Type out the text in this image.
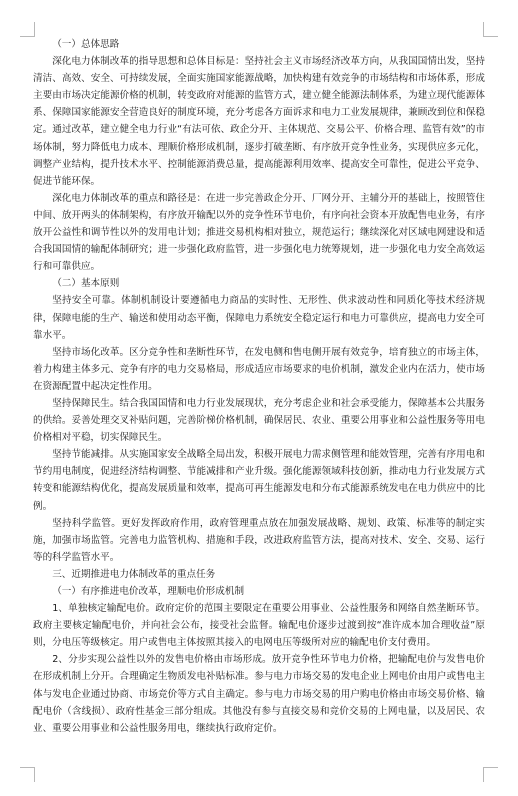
（一）总体思路

深化电力体制改革的指导思想和总体目标是：坚持社会主义市场经济改革方向，从我国国情出发，坚持清洁、高效、安全、可持续发展，全面实施国家能源战略，加快构建有效竞争的市场结构和市场体系，形成主要由市场决定能源价格的机制，转变政府对能源的监管方式，建立健全能源法制体系，为建立现代能源体系、保障国家能源安全营造良好的制度环境，充分考虑各方面诉求和电力工业发展规律，兼顾改到位和保稳定。通过改革，建立健全电力行业“有法可依、政企分开、主体规范、交易公平、价格合理、监管有效”的市场体制，努力降低电力成本、理顺价格形成机制，逐步打破垄断、有序放开竞争性业务，实现供应多元化，调整产业结构，提升技术水平、控制能源消费总量，提高能源利用效率、提高安全可靠性，促进公平竞争、促进节能环保。

深化电力体制改革的重点和路径是：在进一步完善政企分开、厂网分开、主辅分开的基础上，按照管住中间、放开两头的体制架构，有序放开输配以外的竞争性环节电价，有序向社会资本开放配售电业务，有序放开公益性和调节性以外的发用电计划；推进交易机构相对独立，规范运行；继续深化对区域电网建设和适合我国国情的输配体制研究；进一步强化政府监管，进一步强化电力统筹规划，进一步强化电力安全高效运行和可靠供应。

（二）基本原则

坚持安全可靠。体制机制设计要遵循电力商品的实时性、无形性、供求波动性和同质化等技术经济规律，保障电能的生产、输送和使用动态平衡，保障电力系统安全稳定运行和电力可靠供应，提高电力安全可靠水平。

坚持市场化改革。区分竞争性和垄断性环节，在发电侧和售电侧开展有效竞争，培育独立的市场主体，着力构建主体多元、竞争有序的电力交易格局，形成适应市场要求的电价机制，激发企业内在活力，使市场在资源配置中起决定性作用。

坚持保障民生。结合我国国情和电力行业发展现状，充分考虑企业和社会承受能力，保障基本公共服务的供给。妥善处理交叉补贴问题，完善阶梯价格机制，确保居民、农业、重要公用事业和公益性服务等用电价格相对平稳，切实保障民生。

坚持节能减排。从实施国家安全战略全局出发，积极开展电力需求侧管理和能效管理，完善有序用电和节约用电制度，促进经济结构调整、节能减排和产业升级。强化能源领域科技创新，推动电力行业发展方式转变和能源结构优化，提高发展质量和效率，提高可再生能源发电和分布式能源系统发电在电力供应中的比例。

坚持科学监管。更好发挥政府作用，政府管理重点放在加强发展战略、规划、政策、标准等的制定实施，加强市场监管。完善电力监管机构、措施和手段，改进政府监管方法，提高对技术、安全、交易、运行等的科学监管水平。

三、近期推进电力体制改革的重点任务

（一）有序推进电价改革，理顺电价形成机制

1、单独核定输配电价。政府定价的范围主要限定在重要公用事业、公益性服务和网络自然垄断环节。政府主要核定输配电价，并向社会公布，接受社会监督。输配电价逐步过渡到按“准许成本加合理收益”原则，分电压等级核定。用户或售电主体按照其接入的电网电压等级所对应的输配电价支付费用。

2、分步实现公益性以外的发售电价格由市场形成。放开竞争性环节电力价格，把输配电价与发售电价在形成机制上分开。合理确定生物质发电补贴标准。参与电力市场交易的发电企业上网电价由用户或售电主体与发电企业通过协商、市场竞价等方式自主确定。参与电力市场交易的用户购电价格由市场交易价格、输配电价（含线损）、政府性基金三部分组成。其他没有参与直接交易和竞价交易的上网电量，以及居民、农业、重要公用事业和公益性服务用电，继续执行政府定价。
